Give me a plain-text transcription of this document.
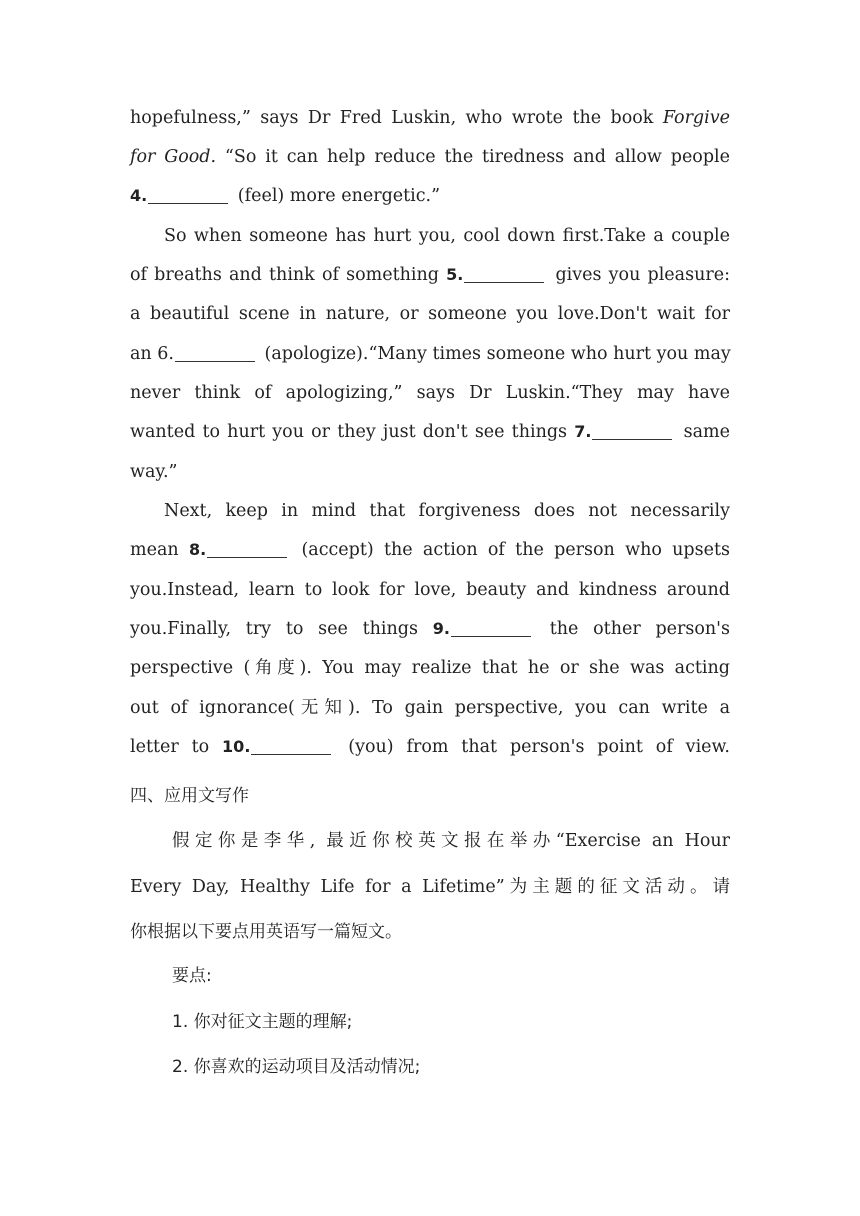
hopefulness,” says Dr Fred Luskin, who wrote the book Forgive
for Good. “So it can help reduce the tiredness and allow people
4.	(feel) more energetic.”
So when someone has hurt you, cool down first.Take a couple
of breaths and think of something 5.	gives you pleasure:
a beautiful scene in nature, or someone you love.Don't wait for
an 6.	(apologize).“Many times someone who hurt you may
never think of apologizing,” says Dr Luskin.“They may have
wanted to hurt you or they just don't see things 7.	same
way.”
Next, keep in mind that forgiveness does not necessarily
mean 8.	(accept) the action of the person who upsets
you.Instead, learn to look for love, beauty and kindness around
you.Finally, try to see things 9.	the other person's
perspective (角度). You may realize that he or she was acting
out of ignorance(无知). To gain perspective, you can write a
letter to 10.	(you) from that person's point of view.
四、应用文写作
假定你是李华, 最近你校英文报在举办“Exercise an Hour
Every Day, Healthy Life for a Lifetime”为主题的征文活动。请
你根据以下要点用英语写一篇短文。
要点:
1. 你对征文主题的理解;
2. 你喜欢的运动项目及活动情况;
